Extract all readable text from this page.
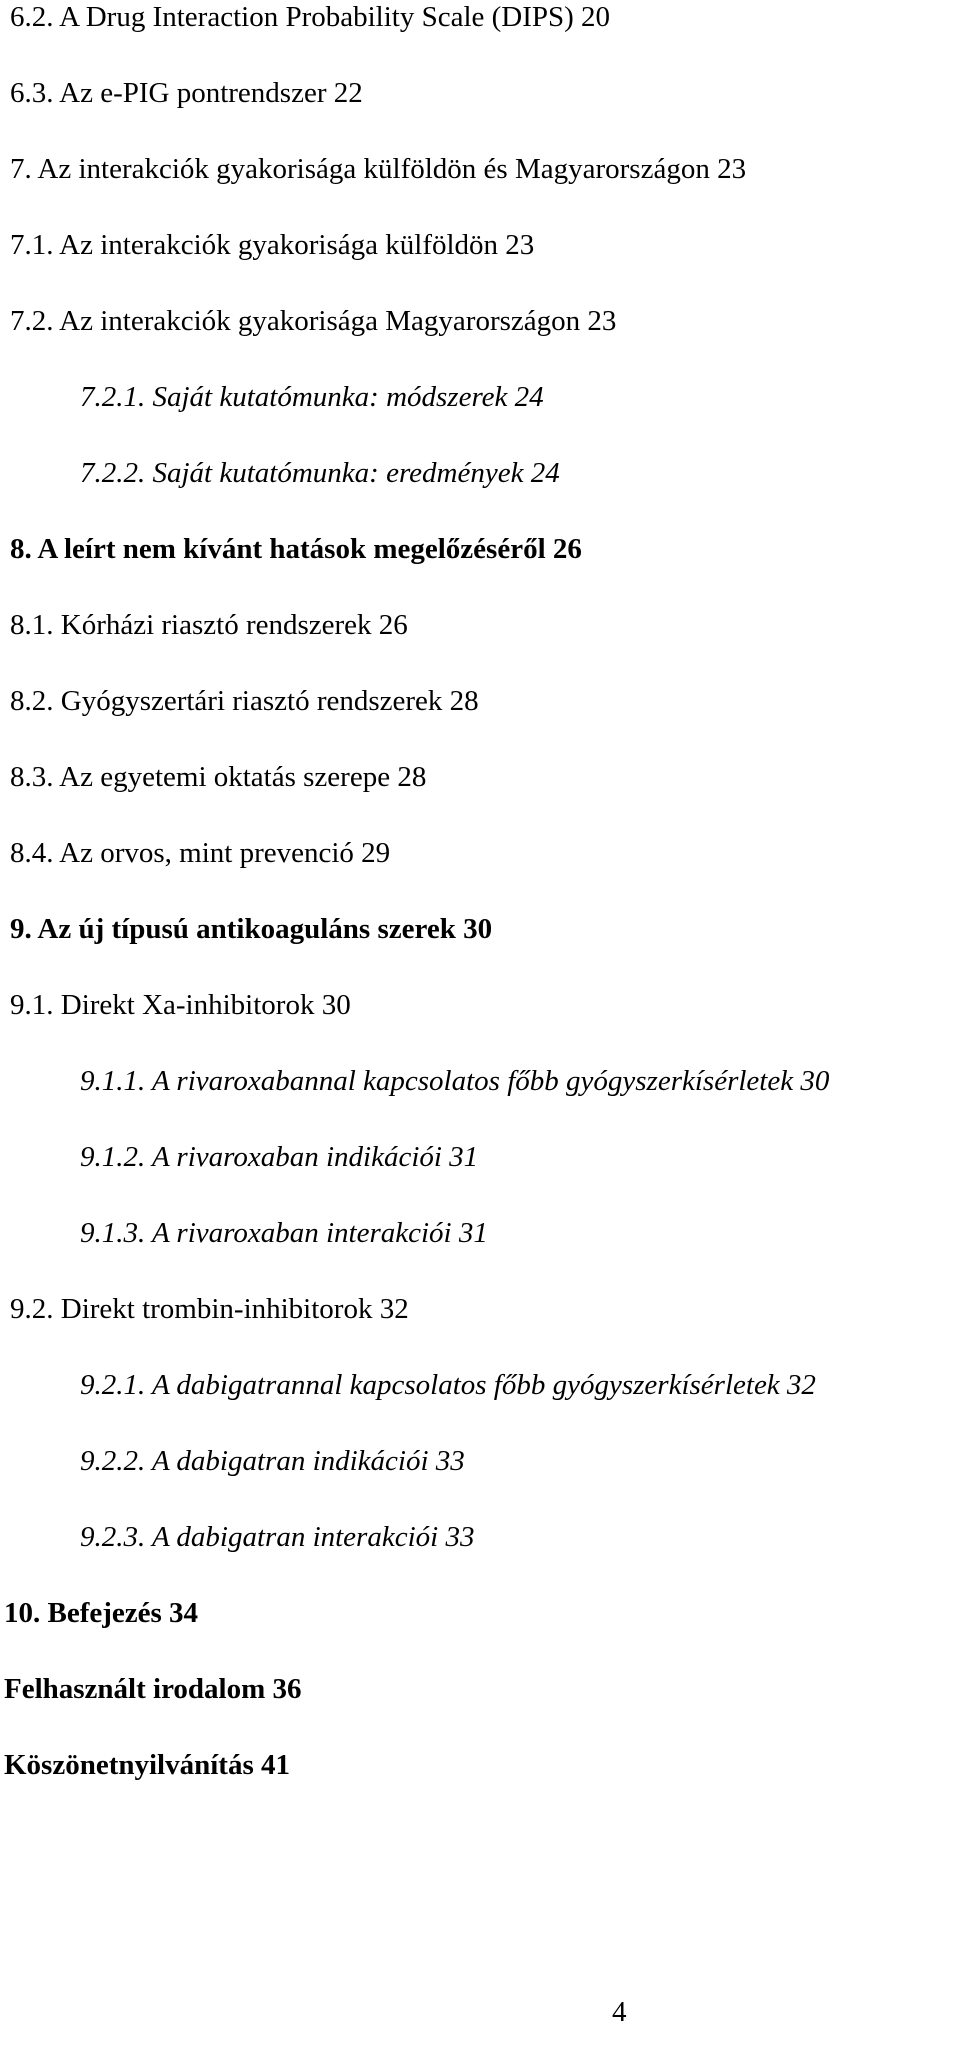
6.2. A Drug Interaction Probability Scale (DIPS) 20
6.3. Az e-PIG pontrendszer 22
7. Az interakciók gyakorisága külföldön és Magyarországon 23
7.1. Az interakciók gyakorisága külföldön 23
7.2. Az interakciók gyakorisága Magyarországon 23
7.2.1. Saját kutatómunka: módszerek 24
7.2.2. Saját kutatómunka: eredmények 24
8. A leírt nem kívánt hatások megelőzéséről 26
8.1. Kórházi riasztó rendszerek 26
8.2. Gyógyszertári riasztó rendszerek 28
8.3. Az egyetemi oktatás szerepe 28
8.4. Az orvos, mint prevenció 29
9. Az új típusú antikoaguláns szerek 30
9.1. Direkt Xa-inhibitorok 30
9.1.1. A rivaroxabannal kapcsolatos főbb gyógyszerkísérletek 30
9.1.2. A rivaroxaban indikációi 31
9.1.3. A rivaroxaban interakciói 31
9.2. Direkt trombin-inhibitorok 32
9.2.1. A dabigatrannal kapcsolatos főbb gyógyszerkísérletek 32
9.2.2. A dabigatran indikációi 33
9.2.3. A dabigatran interakciói 33
10. Befejezés 34
Felhasznált irodalom 36
Köszönetnyilvánítás 41
4
